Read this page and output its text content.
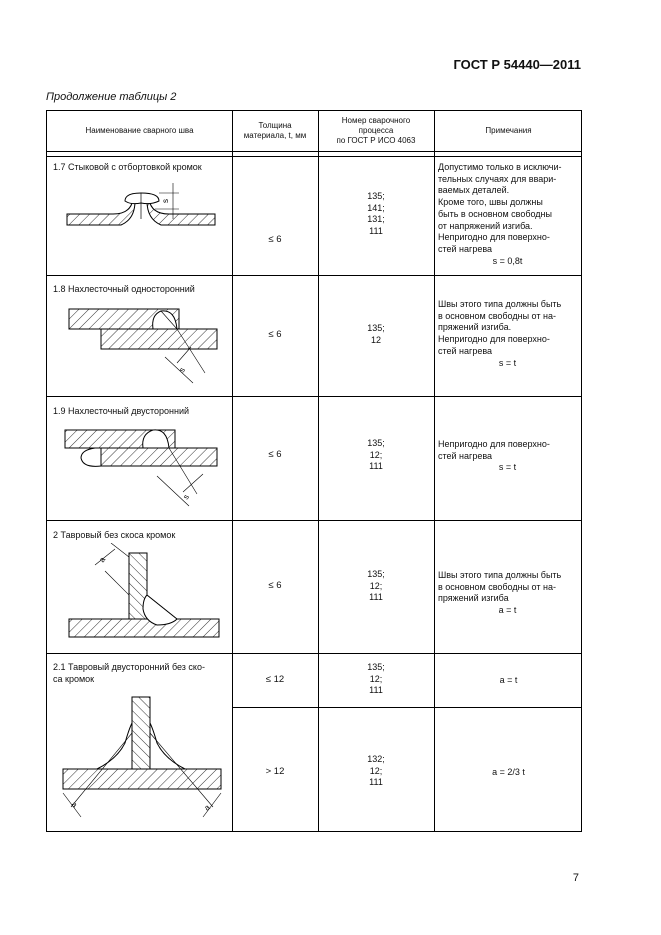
ГОСТ Р 54440—2011
Продолжение таблицы 2
Наименование сварного шва
Толщина
материала, t, мм
Номер сварочного
процесса
по ГОСТ Р ИСО 4063
Примечания
1.7 Стыковой с отбортовкой кромок
≤ 6
135;
141;
131;
111
Допустимо только в исключи-
тельных случаях для ввари-
ваемых деталей.
Кроме того, швы должны
быть в основном свободны
от напряжений изгиба.
Непригодно для поверхно-
стей нагрева
s = 0,8t
s
1.8 Нахлесточный односторонний
≤ 6
135;
12
Швы этого типа должны быть
в основном свободны от на-
пряжений изгиба.
Непригодно для поверхно-
стей нагрева
s = t
s
1.9 Нахлесточный двусторонний
≤ 6
135;
12;
111
Непригодно для поверхно-
стей нагрева
s = t
s
2 Тавровый без скоса кромок
≤ 6
135;
12;
111
Швы этого типа должны быть
в основном свободны от на-
пряжений изгиба
a = t
a
2.1 Тавровый двусторонний без ско-
са кромок	≤ 12
135;
12;
111
a = t
> 12
132;
12;
111
a = 2/3 t
a	a
7
